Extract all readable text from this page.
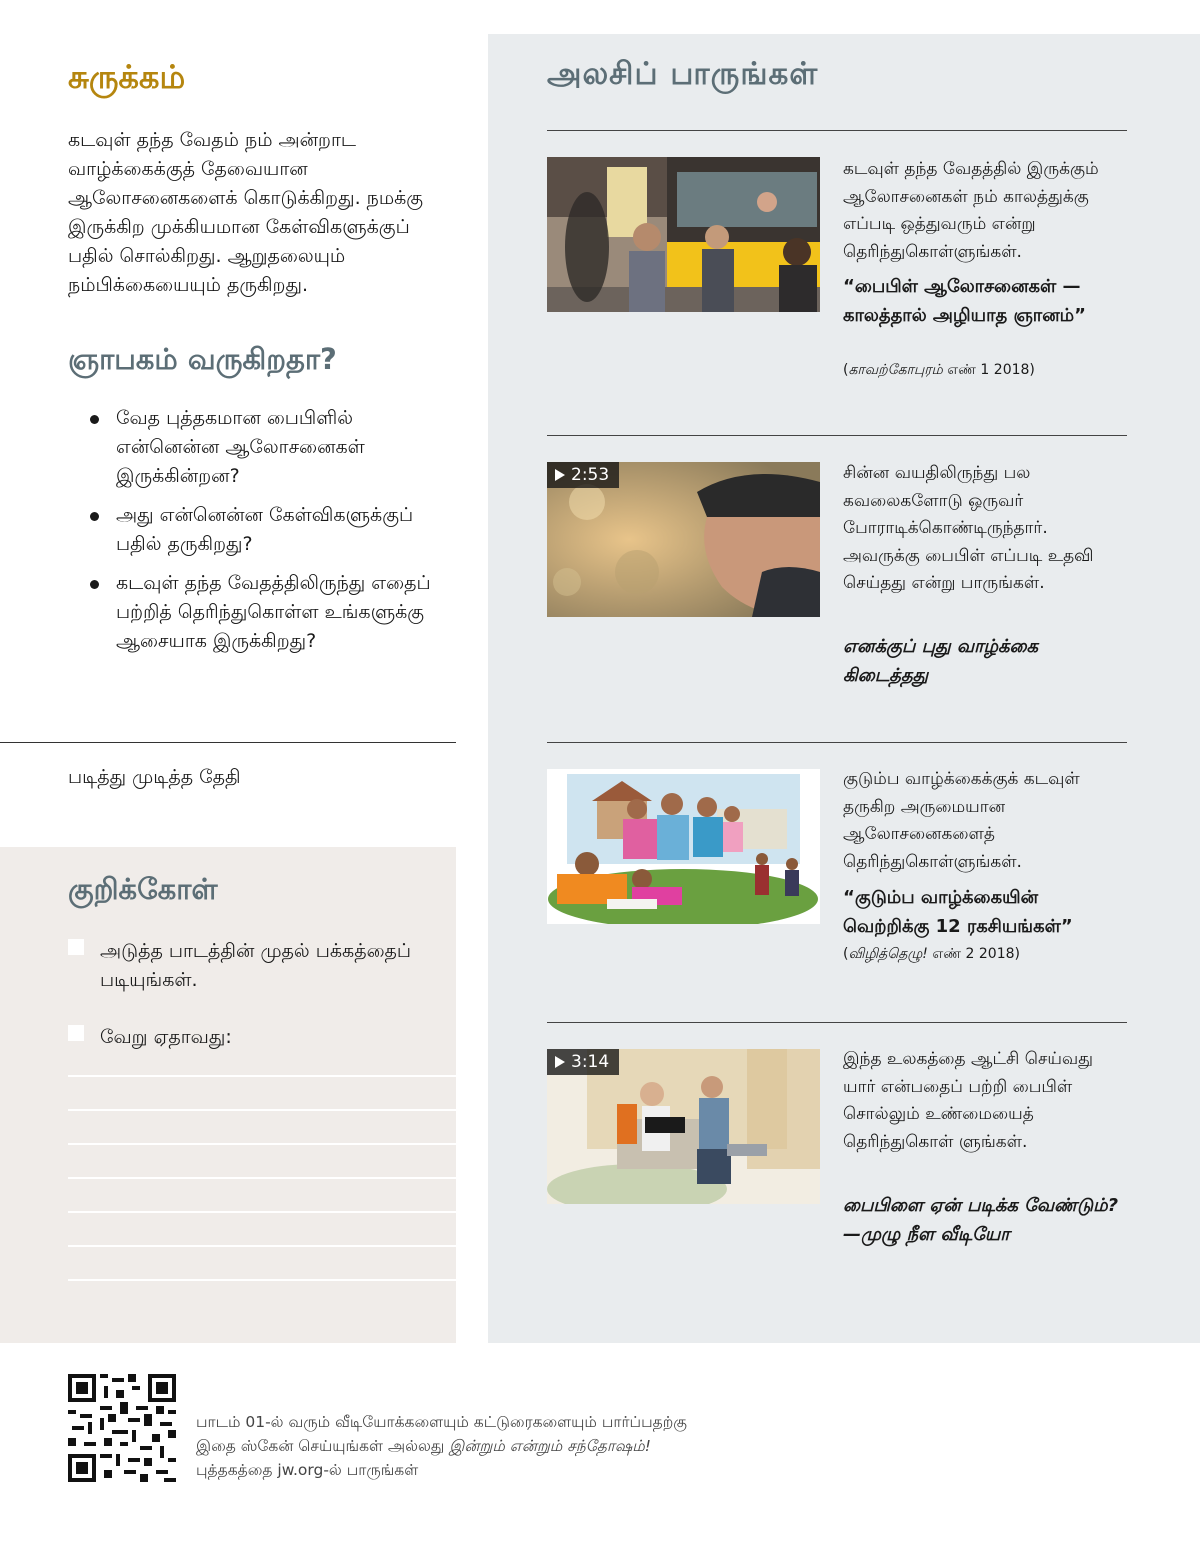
சுருக்கம்

கடவுள் தந்த வேதம் நம் அன்றாட வாழ்க்கைக்குத் தேவையான ஆலோசனைகளைக் கொடுக்கிறது. நமக்கு இருக்கிற முக்கியமான கேள்விகளுக்குப் பதில் சொல்கிறது. ஆறுதலையும் நம்பிக்கையையும் தருகிறது.

ஞாபகம் வருகிறதா?
வேத புத்தகமான பைபிளில் என்னென்ன ஆலோசனைகள் இருக்கின்றன?
அது என்னென்ன கேள்விகளுக்குப் பதில் தருகிறது?
கடவுள் தந்த வேதத்திலிருந்து எதைப் பற்றித் தெரிந்துகொள்ள உங்களுக்கு ஆசையாக இருக்கிறது?
படித்து முடித்த தேதி
குறிக்கோள்
அடுத்த பாடத்தின் முதல் பக்கத்தைப் படியுங்கள்.
வேறு ஏதாவது:
அலசிப் பாருங்கள்

கடவுள் தந்த வேதத்தில் இருக்கும் ஆலோசனைகள் நம் காலத்துக்கு எப்படி ஒத்துவரும் என்று தெரிந்துகொள்ளுங்கள்.

“பைபிள் ஆலோசனைகள் —காலத்தால் அழியாத ஞானம்”

(காவற்கோபுரம் எண் 1 2018)

2:53	சின்ன வயதிலிருந்து பல கவலைகளோடு ஒருவர் போராடிக்கொண்டிருந்தார். அவருக்கு பைபிள் எப்படி உதவி செய்தது என்று பாருங்கள்.

எனக்குப் புது வாழ்க்கை கிடைத்தது

குடும்ப வாழ்க்கைக்குக் கடவுள் தருகிற அருமையான ஆலோசனைகளைத் தெரிந்துகொள்ளுங்கள்.

“குடும்ப வாழ்க்கையின் வெற்றிக்கு 12 ரகசியங்கள்”

(விழித்தெழு! எண் 2 2018)

3:14	இந்த உலகத்தை ஆட்சி செய்வது யார் என்பதைப் பற்றி பைபிள் சொல்லும் உண்மையைத் தெரிந்துகொள் ளுங்கள்.

பைபிளை ஏன் படிக்க வேண்டும்?—முழு நீள வீடியோ

பாடம் 01-ல் வரும் வீடியோக்களையும் கட்டுரைகளையும் பார்ப்பதற்கு இதை ஸ்கேன் செய்யுங்கள் அல்லது இன்றும் என்றும் சந்தோஷம்! புத்தகத்தை jw.org-ல் பாருங்கள்
